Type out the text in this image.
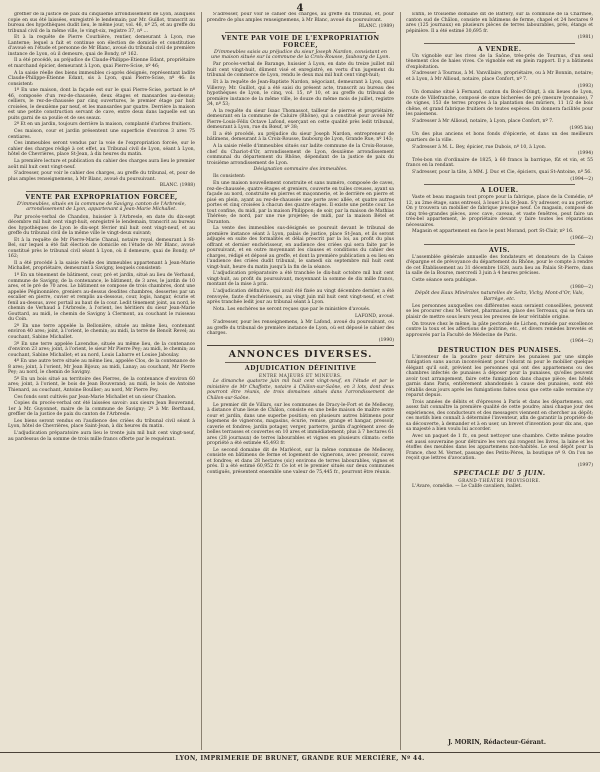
4

greffier de la justice de paix du cinquième arrondissement de Lyon, auxquels copie en sus été laissées, enregistré le lendemain; par Mr. Guillot, transcrit au bureau des hypothèques dudit lieu, le même jour, vol. 46, nº 25, et au greffe du tribunal civil de la même ville, le vingt-six, registre 37, nº ...

Et à la requête de Pierre Courbière, rentier, demeurant à Lyon, rue Lanterne; lequel a fait et continue son élection de domicile et constitution d'avoué en l'étude et personne de Mr Blanc, avoué du tribunal civil de première instance de Lyon, où il demeure, quai de Bondy, nº 162.

Il a été procédé, au préjudice de Claude-Philippe-Étienne Edant, propriétaire et marchand épicier, demeurant à Lyon, quai Pierre-Scise, nº 46;

A la saisie réelle des biens immeubles ci-après désignés, représentant ladite Claude-Philippe-Étienne Edant, sis à Lyon, quai Pierre-Scise, nº 46: ils consistent:

1º En une maison, dont la façade est sur le quai Pierre-Scise, portant le nº 46, composée d'un rez-de-chaussée, deux étages et mansardes au-dessus; celliers, le rez-de-chaussée par cinq ouvertures, le premier étage par huit croisées, le deuxième par neuf, et les mansardes par quatre. Derrière la maison est une petite construction servant de cave, entre deux dans laquelle est un puits garni de sa poulie et de ses seaux.

2º Et en un jardin, toujours derrière la maison, complanté d'arbres fruitiers.

Ces maison, cour et jardin présentent une superficie d'environ 3 ares 75 centiares.

Ces immeubles seront vendus par la voie de l'expropriation forcée, sur le cahier des charges rédigé à cet effet, au Tribunal civil de Lyon, séant à Lyon, hôtel de Chevrières, place St-Jean, à dix heures du matin.

La première lecture et publication du cahier des charges aura lieu le premier août mil huit cent vingt-neuf.

S'adresser, pour voir le cahier des charges, au greffe du tribunal, et, pour de plus amples renseignemens, à Mr Blanc, avoué du poursuivant.

BLANC. (1988)

VENTE PAR EXPROPRIATION FORCÉE,
D'immeubles, situés en la commune de Savigny, canton de l'Arbresle, arrondissement de Lyon, appartenant à Jean-Marie Michallet.

Par procès-verbal de Chandon, huissier à l'Arbresle, en date du dix-sept décembre mil huit cent vingt-huit, enregistré le lendemain, transcrit au bureau des hypothèques de Lyon le dix-sept février mil huit cent vingt-neuf, et au greffe du tribunal civil de la même ville le vingt-deux suivant;

Et à la requête de Mr Pierre-Marie Chanal, notaire royal, demeurant à St-Bel, sur lequel a été fait élection de domicile en l'étude de Mr Blanc, avoué constitué près le tribunal civil séant à Lyon, où il demeure, quai de Bondy, nº 162;

Il a été procédé à la saisie réelle des immeubles appartenant à Jean-Marie Michallet, propriétaire, demeurant à Savigny, lesquels consistent:

1º En un tènement de bâtiment, cour, pré et jardin, situé au lieu de Verhaud, commune de Savigny, de la contenance, le bâtiment, de 3 ares, le jardin de 10 ares, et le pré de 70 ares. Le bâtiment se compose de trois chambres, dont une appelée Péginonnière, greniers au-dessus desdites chambres, dessertes par un escalier en pierre, cuvier et remplis au-dessous, cour, logis, hangar, écurie et fenil au-dessus, avec portail au haut de la cour. Ledit tènement joint, au nord, le chemin de Verhaud à l'Arbresle, à l'orient, les héritiers du sieur Jean-Marie Gouttard, au midi, le chemin de Savigny à Clermont, au couchant le ruisseau du Coin.

2º En une terre appelée la Bellonière, située au même lieu, contenant environ 40 ares; joint, à l'orient, le chemin; au midi, la terre de Benoît Revel; au couchant, Sabine Michallet.

3º En une terre appelée Lavendue, située au même lieu, de la contenance d'environ 23 ares; joint, à l'orient, le sieur Mr Pierre Pey; au midi, le chemin; au couchant, Sabine Michallet; et au nord, Louis Labarre et Louise Jaboulay.

4º En une autre terre située au même lieu, appelée Clos, de la contenance de 8 ares; joint, à l'orient, Mr Jean Bijoux; au midi, Lanay; au couchant, Mr Pierre Pey; au nord, le chemin de Savigny.

5º En un bois situé au territoire des Pierres, de la contenance d'environ 60 ares; joint, à l'orient, le bois de Jean Bouverand; au midi, le bois de Antoine Thienard, au couchant, Antoine Boullier; au nord, Mr Pierre Pey.

Ces fonds sont cultivés par Jean-Marie Michallet et un sieur Chanlon.

Copies du procès-verbal ont été laissées savoir: aux sieurs Jean Bouverand, 1er à Mr. Guyonnet, maire de la commune de Savigny; 2º à Mr. Berthaud, greffier de la justice de paix du canton de l'Arbresle.

Les biens seront vendus en l'audience des criées du tribunal civil séant à Lyon, hôtel de Chevrières, place Saint-Jean, à dix heures du matin.

L'adjudication préparatoire aura lieu le trente juin mil huit cent vingt-neuf, au pardessus de la somme de trois mille francs offerte par le requérant.

S'adresser, pour voir le cahier des charges, au greffe du tribunal, et, pour prendre de plus amples renseignemens, à Mr Blanc, avoué du poursuivant.

BLANC. (1989)

VENTE PAR VOIE DE L'EXPROPRIATION FORCÉE,
D'immeubles saisis au préjudice du sieur Joseph Nardon, consistant en une maison située sur la commune de la Croix-Rousse, faubourg de Lyon.

Par procès-verbal de Barange, huissier à Lyon, en date du treize juillet mil huit cent vingt-huit, dûment visé et enregistré, en vertu d'un jugement du tribunal de commerce de Lyon, rendu le deux mai mil huit cent vingt-huit;

Et à la requête de Jean-Baptiste Nardon, négociant, demeurant à Lyon, quai Villeroy; Mr. Guillot, qui a été saisi du présent acte, transcrit au bureau des hypothèques de Lyon, le cinq, vol. 15, nº 10, et au greffe du tribunal de première instance de la même ville, le douze du même mois de juillet, registre 34, nº 53;

A la requête du sieur Isaac Thomassot, tailleur de pierres et propriétaire, demeurant en la commune de Caluire (Rhône), qui a constitué pour avoué Mr Pierre-Louis-Félix Octave Lafond, exerçant en cette qualité près ledit tribunal, demeurant à Lyon, rue du Bœuf, nº 38;

Il a été procédé, au préjudice du sieur Joseph Nardon, entrepreneur de bâtimens, demeurant à la Croix-Rousse, faubourg de Lyon, Grande Rue, nº 143;

A la saisie réelle d'immeubles situés sur ladite commune de la Croix-Rousse, chef du Chariot-d'Or, arrondissement de Lyon, deuxième arrondissement communal du département du Rhône, dépendant de la justice de paix du troisième arrondissement de Lyon.

Désignation sommaire des immeubles.

Ils consistent:

En une maison nouvellement construite et sans numéro, composée de caves, rez-de-chaussée, quatre étages et greniers, couverte en tuiles creuses, ayant sa façade au nord, construite en pierres et maçonnerie, et le derrière en pierre et pisé en plein, ayant au rez-de-chaussée une porte avec allée, et quatre autres portes et cinq croisées à chacun des quatre étages. Il existe une petite cour. Le tout confine, du midi, par la maison Philippon; de soir, par la maison de Mathias Thérèse; de nord, par une rue projetée; de midi, par la maison Bétel et Duranton.

La vente des immeubles sus-désignés se poursuit devant le tribunal de première instance séant à Lyon, palais de justice, place St-Jean, et ils seront adjugés en suite des formalités et délai prescrit par la loi, au profit du plus offrant et dernier enchérisseur, en audience des criées qui sera faite par le poursuivant, et en outre moyennant les clauses et conditions du cahier des charges, rédigé et déposé au greffe, et dont la première publication a eu lieu en l'audience des criées dudit tribunal, le samedi six septembre mil huit cent vingt-huit, heure du matin jusqu'à la fin de la séance.

L'adjudication préparatoire a été tranchée le dix-huit octobre mil huit cent vingt-huit, au profit du poursuivant, moyennant la somme de dix mille francs, montant de la mise à prix.

L'adjudication définitive, qui avait été fixée au vingt décembre dernier, a été renvoyée, faute d'enchérisseurs, au vingt juin mil huit cent vingt-neuf, et c'est après tranchée ledit jour au tribunal séant à Lyon.

Nota. Les enchères ne seront reçues que par le ministère d'avoués.

LAFOND, avoué.

S'adresser, pour les renseignemens, à Mr Lafond, avoué du poursuivant, ou au greffe du tribunal de première instance de Lyon, où est déposé le cahier des charges.

(1990)

ANNONCES DIVERSES.
ADJUDICATION DÉFINITIVE
ENTRE MAJEURS ET MINEURS.

Le dimanche quatorze juin mil huit cent vingt-neuf, en l'étude et par le ministère de Mr Chaffotte, notaire à Châlon-sur-Saône, en 3 lots, dont deux pourront être réunis, de trois domaines situés dans l'arrondissement de Châlon-sur-Saône.

Le premier dit de Villars, sur les communes de Dracy-le-Fort et de Mellecey, à distance d'une lieue de Châlon, consiste en une belle maison de maître entre cour et jardin, dans une superbe position; en plusieurs autres bâtimens pour logemens de vignerons, magasins, écurie, remise, grange et hangar, pressoir, caverie et fondres; jardin potager, verger, parterre, jardin d'agrément avec de belles terrasses et couvertes en 10 ares et immédiatement; plus à 7 hectares 61 ares (28 journaux) de terres labourables et vignes en plusieurs climats: cette propriété a été estimée 45,493 fr.

Le second domaine dit de Marlécot, sur la même commune de Mellecey, consiste en bâtimens de ferme et logement de vignerons, avec pressoir, cuves et fondres; et dans 28 hectares (sic) environs de terres labourables, vignes et prés. Il a été estimé 60,952 fr. Ce lot et le premier situés sur deux communes contiguës, présentent ensemble une valeur de 75,445 fr., pourront être réunis.

Enfin, le troisième domaine dit de Battery, sur la commune de la Charmée, canton sud de Châlon, consiste en bâtimens de ferme, chapel et 24 hectares 9 ares (125 journaux) en plusieurs pièces de terres labourables, prés, étangs et pépinière. Il a été estimé 30,695 fr.

(1981)

A VENDRE.

Un vignoble sur les rives de la Saône, très-près de Tournus, d'un seul tènement clos de haies vives. Ce vignoble est en plein rapport. Il y a bâtimens d'exploitation.

S'adresser à Tournus, à M. Vanvillaire, propriétaire, ou à Mr Bonnin, notaire; et à Lyon, à Mr Allioud, notaire, place Confort, nº 7.

(1993)

Un domaine situé à Fernand, canton du Bois-d'Oingt, à six lieues de Lyon, route de Villefranche, composé de onze bicherées de pré (mesure lyonnaise), 7 de vignes, 153 de terres propres à la plantation des mûriers, 11 1/2 de bois chêne, et grand fabrique fruitiers de toutes espèces. On donnera facilités pour les paiemens.

S'adresser à Mr Allioud, notaire, à Lyon, place Confort, nº 7.

(1995 bis)

Un des plus anciens et bons fonds d'épicerie, et dans un des meilleurs quartiers de la ville.

S'adresser à M. L. Bey, épicier, rue Dubois, nº 10, à Lyon.

(1994)

Très-bon vin d'ordinaire de 1825, à 60 francs la barrique, fût et vin, et 55 francs en la rendant.

S'adresser, pour la tâte, à MM. J. Duc et Cie, épiciers, quai St-Antoine, nº 56.

(1994—2)

A LOUER.

Vaste et beau magasin tout propre pour la fabrique, place de la Comédie, nº 12, au 2me étage, sans entresol, à louer à la St-Jean. S'y adresser, ou au portier. On y trouvera un mobilier de fabrique presque neuf. Ce magasin, composé de cinq très-grandes pièces, avec cave, caveau, et vaste fenêtres, peut faire un très-bel appartement, le propriétaire devant y faire toutes les réparations nécessaires.

Magasin et appartement en face le pont Morand, port St-Clair, nº 16.

(1966—2)

AVIS.

L'assemblée générale annuelle des fondateurs et donateurs de la Caisse d'épargne et de prévoyance du département du Rhône, pour le compte à rendre de cet Établissement au 31 décembre 1828, aura lieu au Palais St-Pierre, dans la salle de la Bourse, mercredi 3 juin à 4 heures précises.

Cette séance sera publique.

(1980—2)

Dépôt des Eaux Minérales naturelles de Seltz, Vichy, Mont-d'Or, Vals, Barrège, etc.

Les personnes auxquelles ces différentes eaux seraient conseillées, peuvent se les procurer chez M. Vernet, pharmacien, place des Terreaux, qui se fera un plaisir de mettre sous leurs yeux les preuves de leur véritable origine.

On trouve chez le même, la pâte pectorale de Lichen, remède par excellence contre la toux et les affections de poitrine, etc., et divers remèdes brevetés et approuvés par la Faculté de Médecine de Paris.

(1964—2)

DESTRUCTION DES PUNAISES.

L'inventeur de la poudre pour détruire les punaises par une simple fumigation sans aucun inconvénient pour l'odorat ni pour le mobilier quelque élégant qu'il soit, prévient les personnes qui ont des appartemens ou des chambres infectés de punaises à déposer pour la punaises, qu'elles peuvent avoir tout arrangement, faire cette fumigation dans chaque pièce; des hôtels garnis dans Paris, entièrement abandonnés à cause des punaises, sont été rétablis deux jours après les fumigations faites sous que cette salle vermine n'y reparut depuis.

Trois années de débits et d'épreuves à Paris et dans les départemens, ont assez fait connaître la première qualité de cette poudre; ainsi chaque jour des expériences, des conducteurs et des messagers viennent en chercher au dépôt; ces motifs bien connaît à déterminé l'inventeur, afin de garantir la propriété de sa découverte, à demander et à en user, un brevet d'invention pour dix ans, que sa majesté a bien voulu lui accorder.

Avec un paquet de 1 fr., on peut nettoyer une chambre. Cette même poudre est aussi souveraine pour détruire les vers qui rongent les livres, la laine et les étoffes des meubles dans les appartemens non-habités. Le seul dépôt pour la France, chez M. Vernet, passage des Petits-Pères, la boutique nº 9. On l'on ne reçoit que lettres d'avocation.

(1997)

SPECTACLE DU 5 JUIN.
GRAND-THÉÂTRE PROVISOIRE.

L'Avare, comédie. — Le Calife cavaliers, ballet.

J. MORIN, Rédacteur-Gérant.
LYON, IMPRIMERIE DE BRUNET, GRANDE RUE MERCIÈRE, Nº 44.
